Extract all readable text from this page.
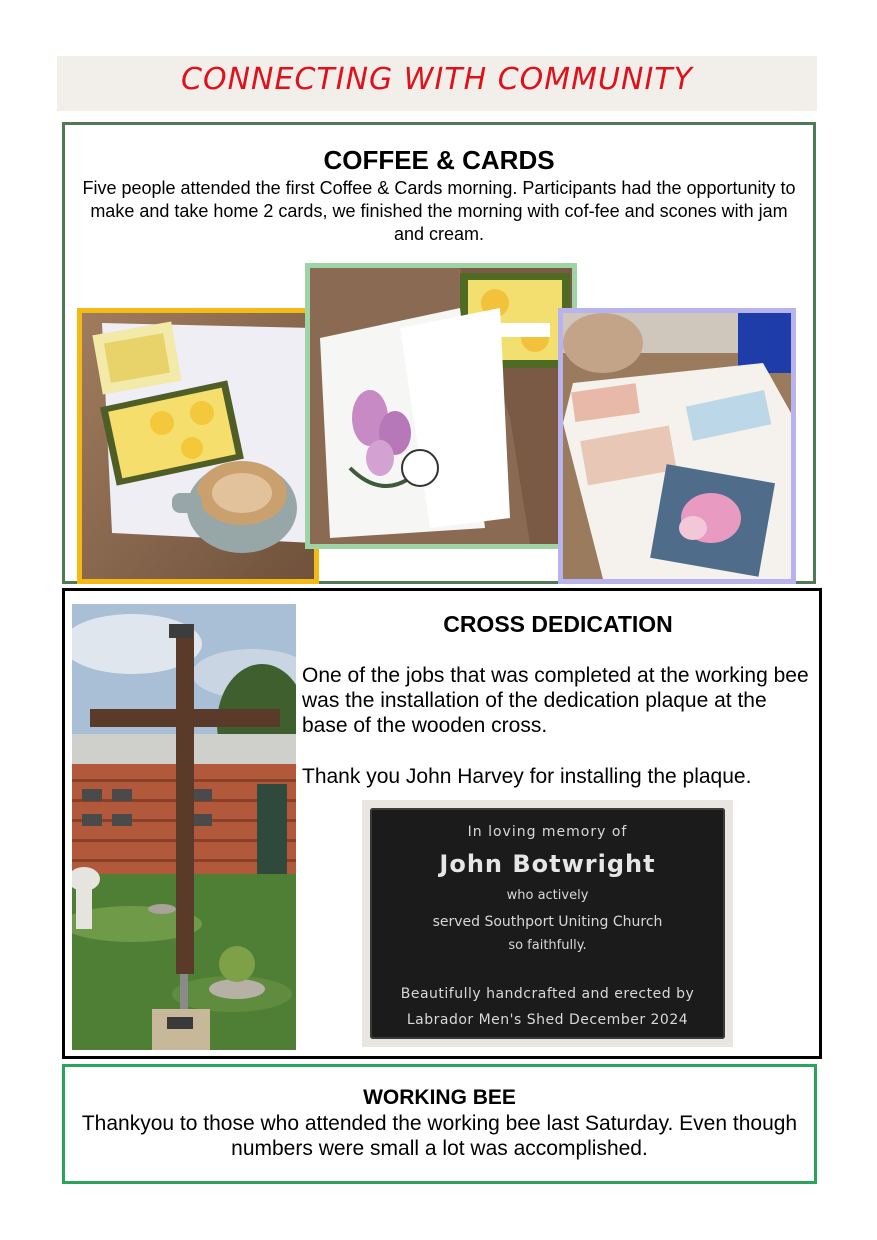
CONNECTING WITH COMMUNITY
COFFEE & CARDS
Five people attended the first Coffee & Cards morning. Participants had the opportunity to make and take home 2 cards, we finished the morning with cof-fee and scones with jam and cream.
CROSS DEDICATION
One of the jobs that was completed at the working bee was the installation of the dedication plaque at the base of the wooden cross.
Thank you John Harvey for installing the plaque.
In loving memory of
John Botwright
who actively
served Southport Uniting Church
so faithfully.
Beautifully handcrafted and erected by
Labrador Men's Shed December 2024
WORKING BEE
Thankyou to those who attended the working bee last Saturday. Even though numbers were small a lot was accomplished.
